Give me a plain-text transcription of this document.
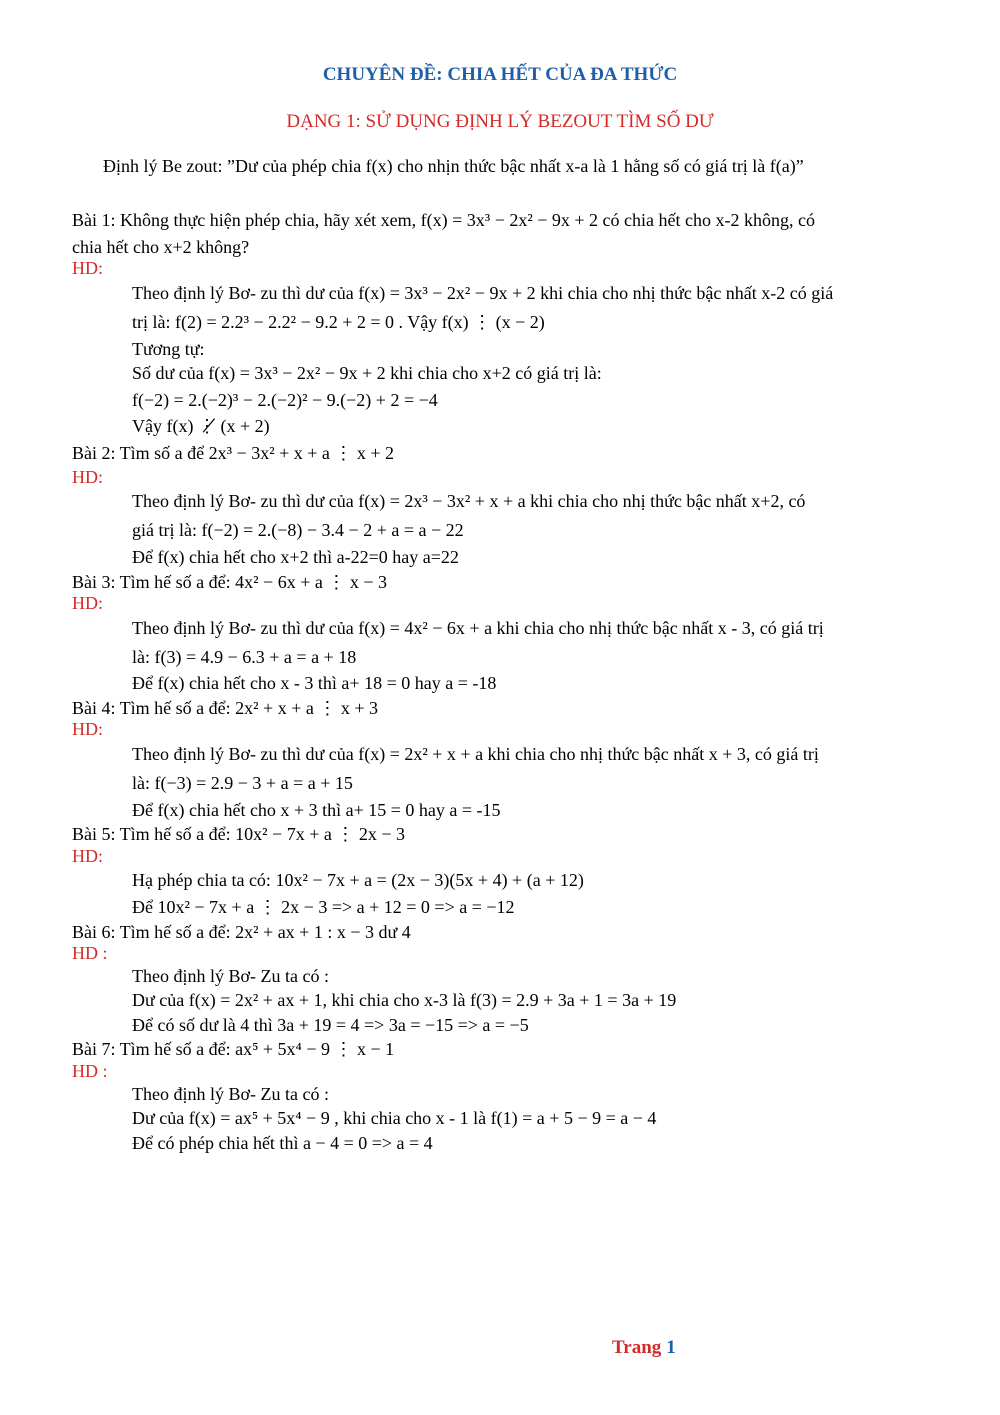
CHUYÊN ĐỀ: CHIA HẾT CỦA ĐA THỨC
DẠNG 1: SỬ DỤNG ĐỊNH LÝ BEZOUT TÌM SỐ DƯ
Định lý Be zout: ”Dư của phép chia f(x) cho nhịn thức bậc nhất x-a là 1 hằng số có giá trị là f(a)”
Bài 1: Không thực hiện phép chia, hãy xét xem, f(x) = 3x³ − 2x² − 9x + 2 có chia hết cho x-2 không, có
chia hết cho x+2 không?
HD:
Theo định lý Bơ- zu thì dư của f(x) = 3x³ − 2x² − 9x + 2 khi chia cho nhị thức bậc nhất x-2 có giá
trị là: f(2) = 2.2³ − 2.2² − 9.2 + 2 = 0 . Vậy f(x) ⋮ (x − 2)
Tương tự:
Số dư của f(x) = 3x³ − 2x² − 9x + 2 khi chia cho x+2 có giá trị là:
f(−2) = 2.(−2)³ − 2.(−2)² − 9.(−2) + 2 = −4
Vậy f(x) ⋮̸ (x + 2)
Bài 2: Tìm số a để 2x³ − 3x² + x + a ⋮ x + 2
HD:
Theo định lý Bơ- zu thì dư của f(x) = 2x³ − 3x² + x + a khi chia cho nhị thức bậc nhất x+2, có
giá trị là: f(−2) = 2.(−8) − 3.4 − 2 + a = a − 22
Để f(x) chia hết cho x+2 thì a-22=0 hay a=22
Bài 3: Tìm hế số a để: 4x² − 6x + a ⋮ x − 3
HD:
Theo định lý Bơ- zu thì dư của f(x) = 4x² − 6x + a khi chia cho nhị thức bậc nhất x - 3, có giá trị
là: f(3) = 4.9 − 6.3 + a = a + 18
Để f(x) chia hết cho x - 3 thì a+ 18 = 0 hay a = -18
Bài 4: Tìm hế số a để: 2x² + x + a ⋮ x + 3
HD:
Theo định lý Bơ- zu thì dư của f(x) = 2x² + x + a khi chia cho nhị thức bậc nhất x + 3, có giá trị
là: f(−3) = 2.9 − 3 + a = a + 15
Để f(x) chia hết cho x + 3 thì a+ 15 = 0 hay a = -15
Bài 5: Tìm hế số a để: 10x² − 7x + a ⋮ 2x − 3
HD:
Hạ phép chia ta có: 10x² − 7x + a = (2x − 3)(5x + 4) + (a + 12)
Để 10x² − 7x + a ⋮ 2x − 3 => a + 12 = 0 => a = −12
Bài 6: Tìm hế số a để: 2x² + ax + 1 : x − 3 dư 4
HD :
Theo định lý Bơ- Zu ta có :
Dư của f(x) = 2x² + ax + 1, khi chia cho x-3 là f(3) = 2.9 + 3a + 1 = 3a + 19
Để có số dư là 4 thì 3a + 19 = 4 => 3a = −15 => a = −5
Bài 7: Tìm hế số a để: ax⁵ + 5x⁴ − 9 ⋮ x − 1
HD :
Theo định lý Bơ- Zu ta có :
Dư của f(x) = ax⁵ + 5x⁴ − 9 , khi chia cho x - 1 là f(1) = a + 5 − 9 = a − 4
Để có phép chia hết thì a − 4 = 0 => a = 4
Trang 1
